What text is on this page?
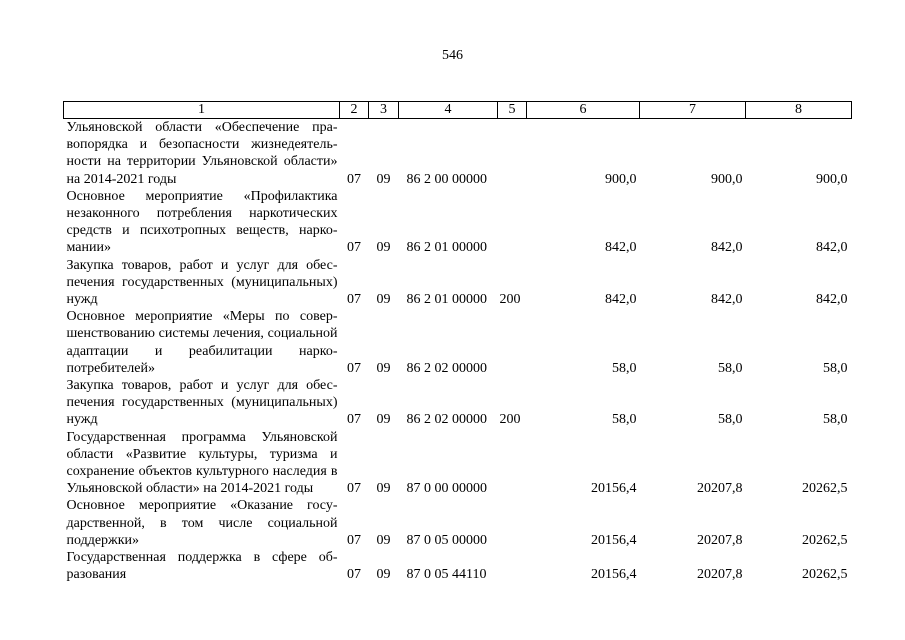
546
1	2	3	4	5	6	7	8
Ульяновской области «Обеспечение правопорядка и безопасности жизнедеятельности на территории Ульяновской области» на 2014-2021 годы	07	09	86 2 00 00000		900,0	900,0	900,0
Основное мероприятие «Профилактика незаконного потребления наркотических средств и психотропных веществ, наркомании»	07	09	86 2 01 00000		842,0	842,0	842,0
Закупка товаров, работ и услуг для обеспечения государственных (муниципальных) нужд	07	09	86 2 01 00000	200	842,0	842,0	842,0
Основное мероприятие «Меры по совершенствованию системы лечения, социальной адаптации и реабилитации наркопотребителей»	07	09	86 2 02 00000		58,0	58,0	58,0
Закупка товаров, работ и услуг для обеспечения государственных (муниципальных) нужд	07	09	86 2 02 00000	200	58,0	58,0	58,0
Государственная программа Ульяновской области «Развитие культуры, туризма и сохранение объектов культурного наследия в Ульяновской области» на 2014-2021 годы	07	09	87 0 00 00000		20156,4	20207,8	20262,5
Основное мероприятие «Оказание государственной, в том числе социальной поддержки»	07	09	87 0 05 00000		20156,4	20207,8	20262,5
Государственная поддержка в сфере образования	07	09	87 0 05 44110		20156,4	20207,8	20262,5
